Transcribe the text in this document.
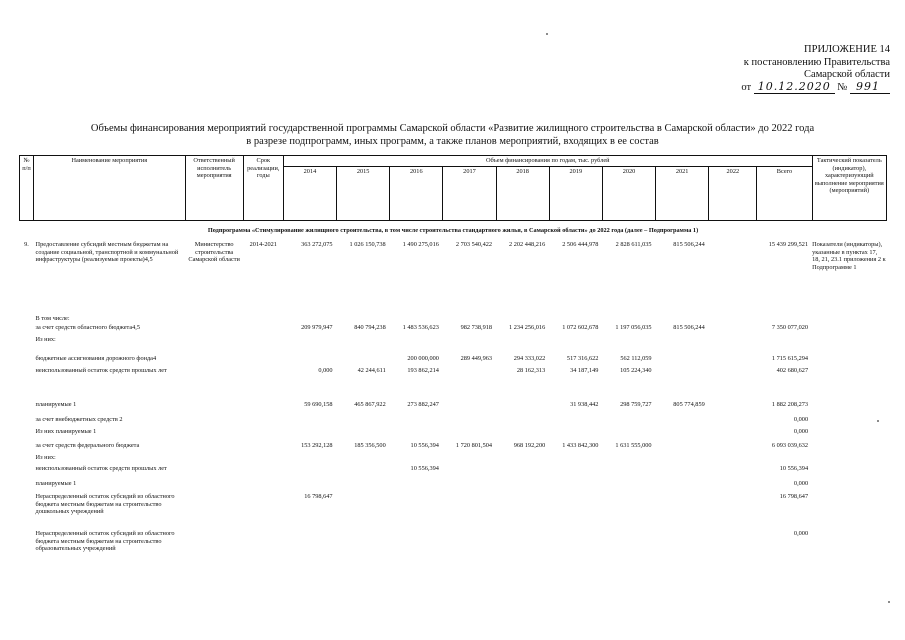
ПРИЛОЖЕНИЕ 14
к постановлению Правительства
Самарской области
от 10.12.2020 № 991
Объемы финансирования мероприятий государственной программы Самарской области «Развитие жилищного строительства в Самарской области» до 2022 года
в разрезе подпрограмм, иных программ, а также планов мероприятий, входящих в ее состав
№ п/п	Наименование мероприятия	Ответственный исполнитель мероприятия	Срок реализации, годы	Объем финансирования по годам, тыс. рублей										Тактический показатель (индикатор), характеризующий выполнение мероприятия (мероприятий)
				2014	2015	2016	2017	2018	2019	2020	2021	2022	Всего	
Подпрограмма «Стимулирование жилищного строительства, в том числе строительства стандартного жилья, в Самарской области» до 2022 года (далее – Подпрограмма 1)														
9.	Предоставление субсидий местным бюджетам на создание социальной, транспортной и коммунальной инфраструктуры (реализуемые проекты)4,5	Министерство строительства Самарской области	2014-2021	363 272,075	1 026 150,738	1 490 275,016	2 703 540,422	2 202 448,216	2 506 444,978	2 828 611,035	815 506,244		15 439 299,521	Показатели (индикаторы), указанные в пунктах 17, 18, 21, 23.1 приложения 2 к Подпрограмме 1
	В том числе:													
	за счет средств областного бюджета4,5			209 979,947	840 794,238	1 483 536,623	982 738,918	1 234 256,016	1 072 602,678	1 197 056,035	815 506,244		7 350 077,020	
	Из них:													
	бюджетные ассигнования дорожного фонда4					200 000,000	289 449,963	294 333,022	517 316,622	562 112,059			1 715 615,294	
	неиспользованный остаток средств прошлых лет			0,000	42 244,611	193 862,214		28 162,313	34 187,149	105 224,340			402 680,627	
	планируемые 1			59 690,158	465 867,922	273 882,247			31 938,442	298 759,727	805 774,859		1 882 208,273	
	за счет внебюджетных средств 2												0,000	
	Из них планируемые 1												0,000	
	за счет средств федерального бюджета			153 292,128	185 356,500	10 556,394	1 720 801,504	968 192,200	1 433 842,300	1 631 555,000			6 093 039,632	
	Из них:													
	неиспользованный остаток средств прошлых лет					10 556,394							10 556,394	
	планируемые 1												0,000	
	Нераспределенный остаток субсидий из областного бюджета местным бюджетам на строительство дошкольных учреждений			16 798,647									16 798,647	
	Нераспределенный остаток субсидий из областного бюджета местным бюджетам на строительство образовательных учреждений												0,000	
